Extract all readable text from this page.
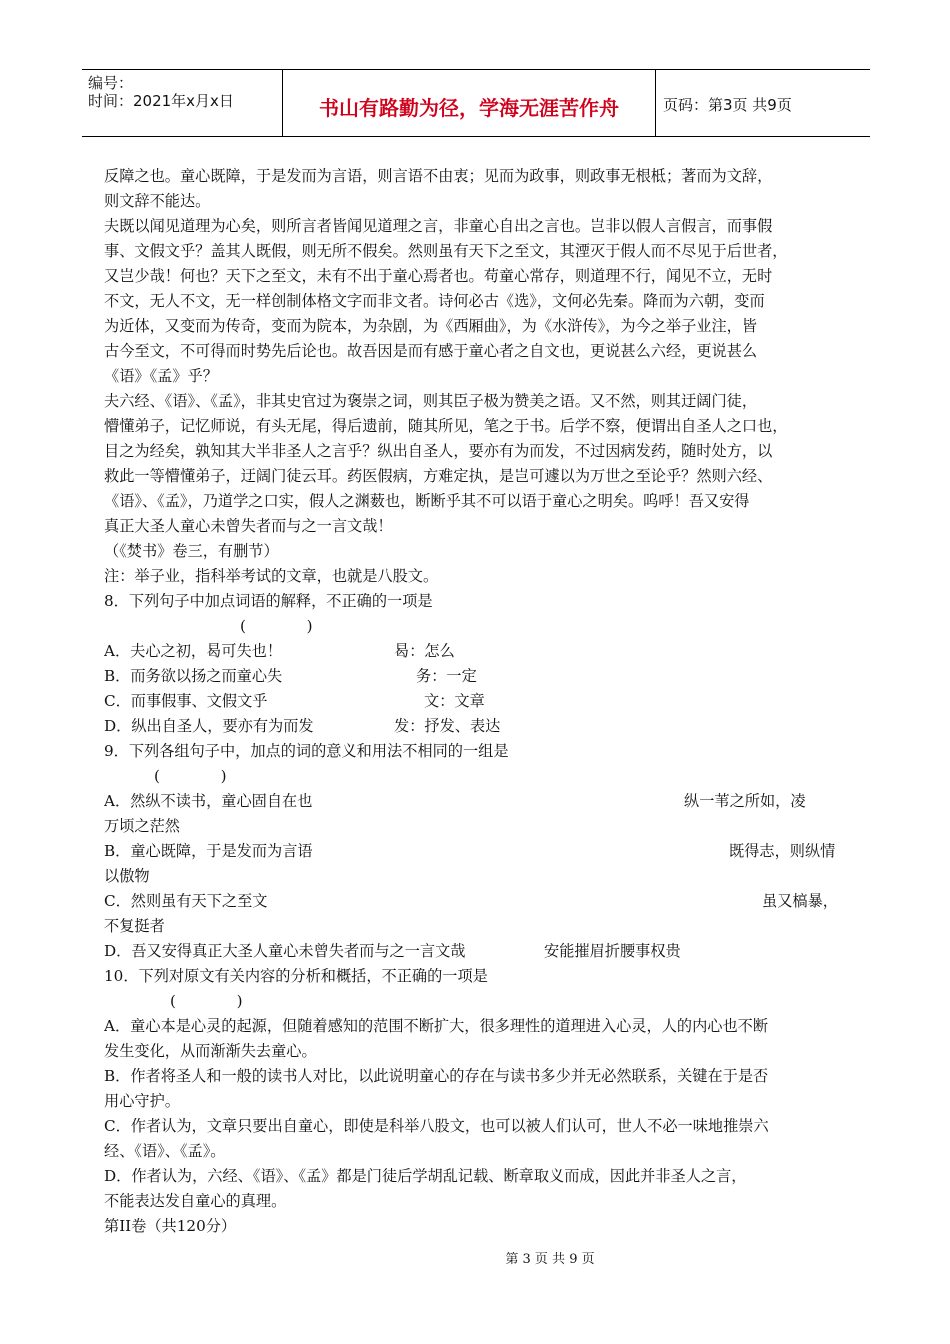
编号：
时间：2021年x月x日	书山有路勤为径，学海无涯苦作舟	页码：第3页 共9页
反障之也。童心既障，于是发而为言语，则言语不由衷；见而为政事，则政事无根柢；著而为文辞，
则文辞不能达。
夫既以闻见道理为心矣，则所言者皆闻见道理之言，非童心自出之言也。岂非以假人言假言，而事假
事、文假文乎？盖其人既假，则无所不假矣。然则虽有天下之至文，其湮灭于假人而不尽见于后世者，
又岂少哉！何也？天下之至文，未有不出于童心焉者也。苟童心常存，则道理不行，闻见不立，无时
不文，无人不文，无一样创制体格文字而非文者。诗何必古《选》，文何必先秦。降而为六朝，变而
为近体，又变而为传奇，变而为院本，为杂剧，为《西厢曲》，为《水浒传》，为今之举子业注，皆
古今至文，不可得而时势先后论也。故吾因是而有感于童心者之自文也，更说甚么六经，更说甚么
《语》《孟》乎？
夫六经、《语》、《孟》，非其史官过为褒崇之词，则其臣子极为赞美之语。又不然，则其迂阔门徒，
懵懂弟子，记忆师说，有头无尾，得后遗前，随其所见，笔之于书。后学不察，便谓出自圣人之口也，
目之为经矣，孰知其大半非圣人之言乎？纵出自圣人，要亦有为而发，不过因病发药，随时处方，以
救此一等懵懂弟子，迂阔门徒云耳。药医假病，方难定执，是岂可遽以为万世之至论乎？然则六经、
《语》、《孟》，乃道学之口实，假人之渊薮也，断断乎其不可以语于童心之明矣。呜呼！吾又安得
真正大圣人童心未曾失者而与之一言文哉！
（《焚书》卷三，有删节）
注：举子业，指科举考试的文章，也就是八股文。
8．下列句子中加点词语的解释，不正确的一项是
(　　　　)
A．夫心之初，曷可失也！	曷：怎么
B．而务欲以扬之而童心失	务：一定
C．而事假事、文假文乎	文：文章
D．纵出自圣人，要亦有为而发	发：抒发、表达
9．下列各组句子中，加点的词的意义和用法不相同的一组是
(　　　　)
A．然纵不读书，童心固自在也	纵一苇之所如，凌
万顷之茫然
B．童心既障，于是发而为言语	既得志，则纵情
以傲物
C．然则虽有天下之至文	虽又槁暴，
不复挺者
D．吾又安得真正大圣人童心未曾失者而与之一言文哉	安能摧眉折腰事权贵
10．下列对原文有关内容的分析和概括，不正确的一项是
(　　　　)
A．童心本是心灵的起源，但随着感知的范围不断扩大，很多理性的道理进入心灵，人的内心也不断
发生变化，从而渐渐失去童心。
B．作者将圣人和一般的读书人对比，以此说明童心的存在与读书多少并无必然联系，关键在于是否
用心守护。
C．作者认为，文章只要出自童心，即使是科举八股文，也可以被人们认可，世人不必一味地推崇六
经、《语》、《孟》。
D．作者认为，六经、《语》、《孟》都是门徒后学胡乱记载、断章取义而成，因此并非圣人之言，
不能表达发自童心的真理。
第II卷（共120分）
第 3 页 共 9 页
